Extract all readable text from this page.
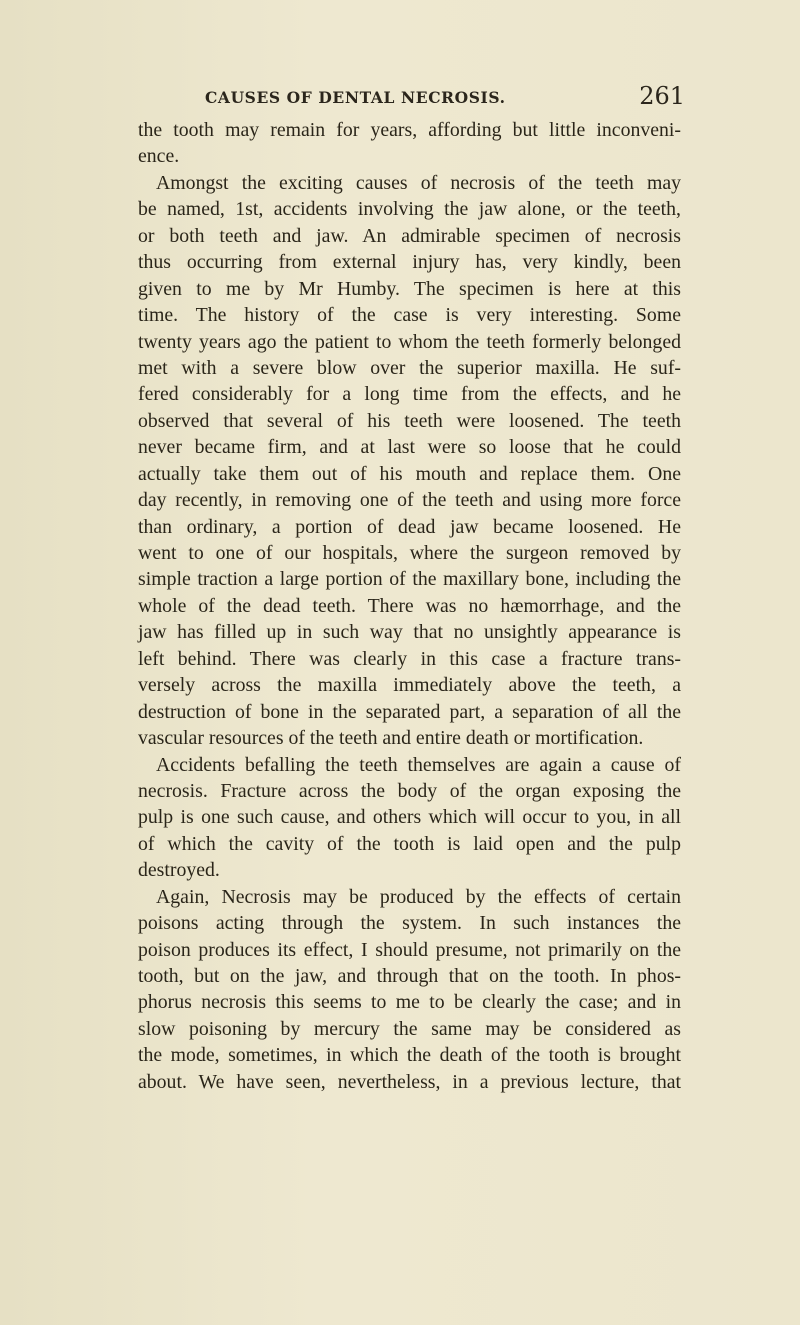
CAUSES OF DENTAL NECROSIS.	261
the tooth may remain for years, affording but little inconveni-
ence.
Amongst the exciting causes of necrosis of the teeth may
be named, 1st, accidents involving the jaw alone, or the teeth,
or both teeth and jaw. An admirable specimen of necrosis
thus occurring from external injury has, very kindly, been
given to me by Mr Humby. The specimen is here at this
time. The history of the case is very interesting. Some
twenty years ago the patient to whom the teeth formerly belonged
met with a severe blow over the superior maxilla. He suf-
fered considerably for a long time from the effects, and he
observed that several of his teeth were loosened. The teeth
never became firm, and at last were so loose that he could
actually take them out of his mouth and replace them. One
day recently, in removing one of the teeth and using more force
than ordinary, a portion of dead jaw became loosened. He
went to one of our hospitals, where the surgeon removed by
simple traction a large portion of the maxillary bone, including the
whole of the dead teeth. There was no hæmorrhage, and the
jaw has filled up in such way that no unsightly appearance is
left behind. There was clearly in this case a fracture trans-
versely across the maxilla immediately above the teeth, a
destruction of bone in the separated part, a separation of all the
vascular resources of the teeth and entire death or mortification.
Accidents befalling the teeth themselves are again a cause of
necrosis. Fracture across the body of the organ exposing the
pulp is one such cause, and others which will occur to you, in all
of which the cavity of the tooth is laid open and the pulp
destroyed.
Again, Necrosis may be produced by the effects of certain
poisons acting through the system. In such instances the
poison produces its effect, I should presume, not primarily on the
tooth, but on the jaw, and through that on the tooth. In phos-
phorus necrosis this seems to me to be clearly the case; and in
slow poisoning by mercury the same may be considered as
the mode, sometimes, in which the death of the tooth is brought
about. We have seen, nevertheless, in a previous lecture, that
